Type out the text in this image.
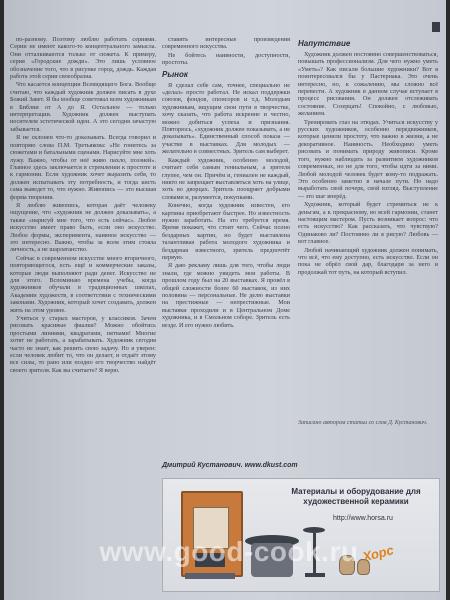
по-разному. Поэтому люблю работать сериями. Серии не имеют какого-то концептуального замысла. Они отталкиваются только от сюжета. К примеру, серия «Городские дожди». Это лишь условное обозначение того, что в рисунке город, дождь. Каждая работа этой серии своеобразна.

Что касается концепции Всевидящего Бога. Вообще считаю, что каждый художник должен писать в духе Божий Завет. Я бы вообще советовал всем художникам в Библии от А до Я. Остальное — только интерпретации. Художник должен выступать носителем эстетической идеи. А это сегодня зачастую забывается.

Я не склонен что-то доказывать. Всегда говорил и повторяю слова П.М. Третьякова: «Не гонитесь за сюжетами и батальными сценами. Нарисуйте мне хоть лужу. Важно, чтобы от неё живо пахло, поэзией». Главное здесь заключается в стремлении к простоте и к гармонии. Если художник хочет выразить себя, то должен испытывать эту потребность, и тогда кисть сама выведет то, что нужно. Живопись — это высшая форма творения.

Я люблю живопись, которая даёт человеку ощущение, что «художник не должен доказывать», а также «нарисуй мне того, что есть сейчас». Любое искусство имеет право быть, если оно искусство. Любое формы, эксперимента, наивное искусство — это интересно. Важно, чтобы за всем этим стояла личность, а не шарлатанство.

Сейчас в современном искусстве много вторичного, повторяющегося, есть ещё и коммерческие заказы, которые люди выполняют ради денег. Искусство не для этого. Вспоминаю времена учебы, когда художников обучали в традиционных школах, Академии художеств, в соответствии с техническими законами. Художник, который хочет создавать, должен жить на этом уровне.

Учиться у старых мастеров, у классиков. Зачем рисовать красивые фиалки? Можно обойтись простыми линиями, квадратами, пятнами! Многие хотят не работать, а зарабатывать. Художник сегодня часто не знает, как решить свою задачу. Но я уверен: если человек любит то, что он делает, и отдаёт этому все силы, то рано или поздно его творчество найдёт своего зрителя. Как вы считаете? Я верю.

ставить интересные произведения современного искусства.

Не бойтесь наивности, доступности, простоты.

Рынок

Я сделал себе сам, точнее, специально не «делал» просто работал. Не искал поддержки союзов, фондов, спонсоров и т.д. Молодым художникам, ищущим свои пути в творчестве, хочу сказать, что работа искренне и честно, можно добиться успеха и признания. Повторюсь, «художник должен показывать, а не доказывать». Единственный способ показа — участие в выставках. Для молодых — желательно в совместных. Зритель сам выберет.

Каждый художник, особенно молодой, считает себя самым гениальным, а зрителя глупее, чем он. Причём и, гениален не каждый, никто не запрещает выставляться хоть на улице, хоть во дворцах. Зритель поощряет добрыми словами и, разумеется, покупками.

Конечно, когда художник известен, его картины приобретают быстрее. Но известность нужно заработать. На это требуется время. Время покажет, что стоит чего. Сейчас полно бездарных картин, но будет выставлена талантливая работа молодого художника и бездарная известного, зритель предпочтёт первую.

Я даю рекламу лишь для того, чтобы люди знали, где можно увидеть мои работы. В прошлом году был на 20 выставках. Я провёл в общей сложности более 60 выставок, из них половина — персональные. Не делю выставки на престижные — непрестижные. Мои выставки проходили и в Центральном Доме художника, и в Смольном соборе. Зритель есть везде. И его нужно любить.

Напутствие

Художник должен постоянно совершенствоваться, повышать профессионализм. Для чего нужно уметь «Уметь»? Как писали большие художники? Вот я поинтересовался бы у Пастернака. Это очень интересно, но, к сожалению, мы сложно всё перевести. А художник в данном случае вступает в процесс рисования. Он должен отслеживать состояние. Созерцать! Спокойно, с любовью, желанием.

Тренировать глаз на этюдах. Учиться искусству у русских художников, особенно передвижников, которые ценили простоту, что важно в жизни, а не декоративное. Наивность. Необходимо уметь рисовать и понимать природу живописи. Кроме того, нужно наблюдать за развитием художников современных, но не для того, чтобы идти за ними. Любой молодой человек будет кому-то подражать. Это особенно заметно в начале пути. Но надо выработать свой почерк, свой взгляд. Выступление — это шаг вперёд.

Художник, который будет стремиться не к деньгам, а к прекрасному, во всей гармонии, станет настоящим мастером. Пусть возникает вопрос: что есть искусство? Как рассказать, что чувствую? Одинаково ли? Постоянно ли я рисую? Любовь — вот главное.

Любой начинающий художник должен понимать, что всё, что ему доступно, есть искусство. Если он пока не обрёл свой дар, благодари за него и продолжай тот путь, на который вступил.

Записано автором статьи со слов Д. Кустанович.
Дмитрий Кустанович. www.dkust.com
Материалы и оборудование для художественной керамики
http://www.horsa.ru
Хорс
www.good-cook.ru
